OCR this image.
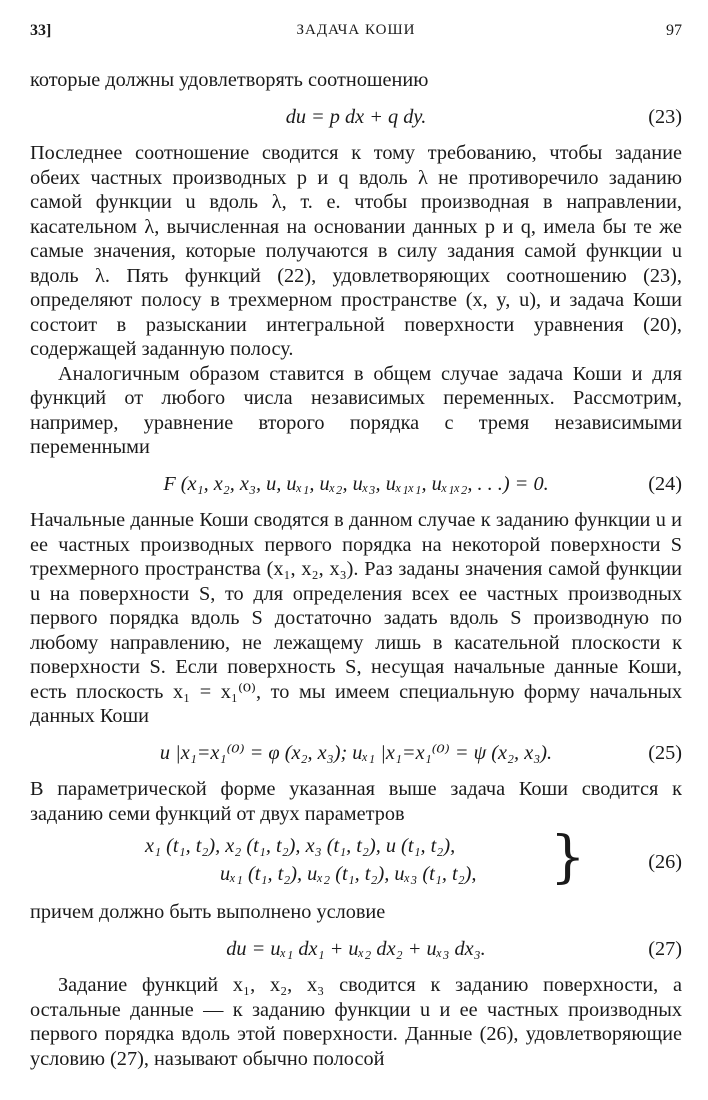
33]	ЗАДАЧА КОШИ	97

которые должны удовлетворять соотношению

du = p dx + q dy.	(23)

Последнее соотношение сводится к тому требованию, чтобы задание обеих частных производных p и q вдоль λ не противоречило заданию самой функции u вдоль λ, т. е. чтобы производная в направлении, касательном λ, вычисленная на основании данных p и q, имела бы те же самые значения, которые получаются в силу задания самой функции u вдоль λ. Пять функций (22), удовлетворяющих соотношению (23), определяют полосу в трехмерном пространстве (x, y, u), и задача Коши состоит в разыскании интегральной поверхности уравнения (20), содержащей заданную полосу.

Аналогичным образом ставится в общем случае задача Коши и для функций от любого числа независимых переменных. Рассмотрим, например, уравнение второго порядка с тремя независимыми переменными

F (x₁, x₂, x₃, u, uₓ₁, uₓ₂, uₓ₃, uₓ₁ₓ₁, uₓ₁ₓ₂, . . .) = 0.	(24)

Начальные данные Коши сводятся в данном случае к заданию функции u и ее частных производных первого порядка на некоторой поверхности S трехмерного пространства (x₁, x₂, x₃). Раз заданы значения самой функции u на поверхности S, то для определения всех ее частных производных первого порядка вдоль S достаточно задать вдоль S производную по любому направлению, не лежащему лишь в касательной плоскости к поверхности S. Если поверхность S, несущая начальные данные Коши, есть плоскость x₁ = x₁⁽⁰⁾, то мы имеем специальную форму начальных данных Коши

u |x₁=x₁⁽⁰⁾ = φ (x₂, x₃); uₓ₁ |x₁=x₁⁽⁰⁾ = ψ (x₂, x₃).	(25)

В параметрической форме указанная выше задача Коши сводится к заданию семи функций от двух параметров

x₁ (t₁, t₂), x₂ (t₁, t₂), x₃ (t₁, t₂), u (t₁, t₂),
uₓ₁ (t₁, t₂), uₓ₂ (t₁, t₂), uₓ₃ (t₁, t₂), }	(26)

причем должно быть выполнено условие

du = uₓ₁ dx₁ + uₓ₂ dx₂ + uₓ₃ dx₃.	(27)

Задание функций x₁, x₂, x₃ сводится к заданию поверхности, а остальные данные — к заданию функции u и ее частных производных первого порядка вдоль этой поверхности. Данные (26), удовлетворяющие условию (27), называют обычно полосой
